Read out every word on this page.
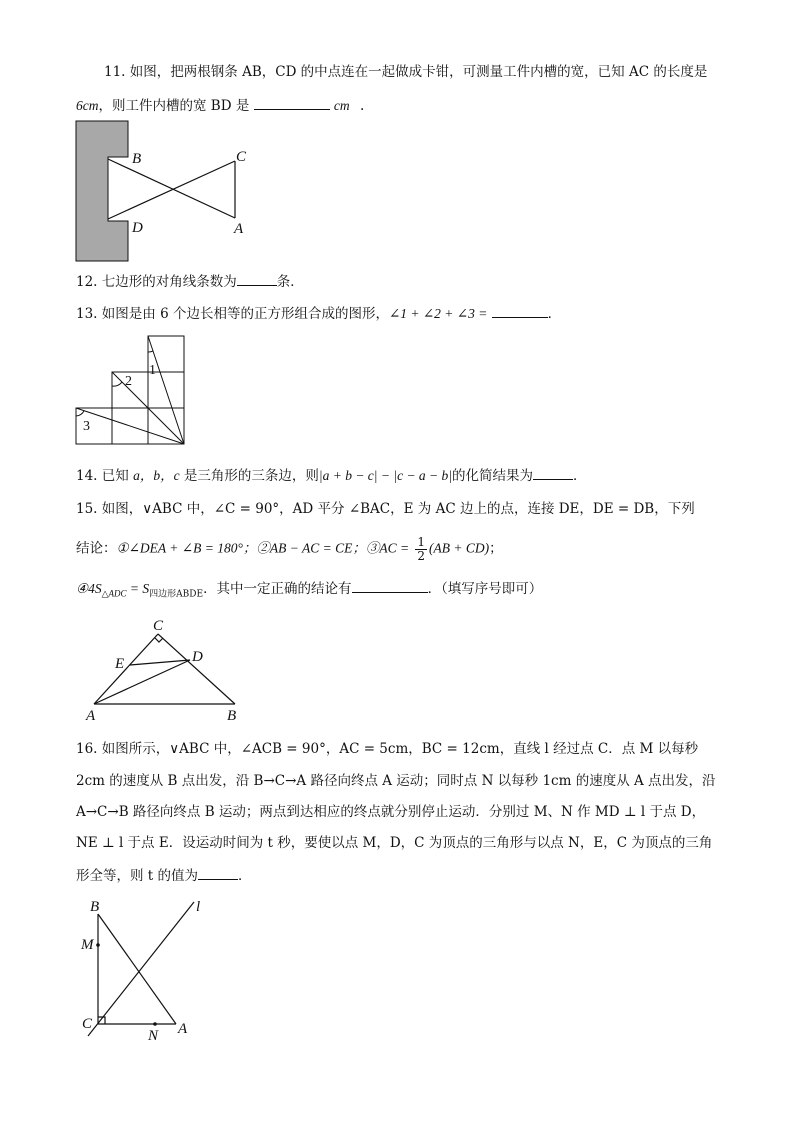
11. 如图，把两根钢条 AB，CD 的中点连在一起做成卡钳，可测量工件内槽的宽，已知 AC 的长度是
6cm，则工件内槽的宽 BD 是	cm .
B	C
D	A
12. 七边形的对角线条数为	条．
13. 如图是由 6 个边长相等的正方形组合成的图形，∠1 + ∠2 + ∠3 =	．
1
2
3
14. 已知 a，b，c 是三角形的三条边，则|a + b − c| − |c − a − b|的化简结果为	．
15. 如图，∨ABC 中，∠C = 90°，AD 平分 ∠BAC，E 为 AC 边上的点，连接 DE，DE = DB，下列
结论：①∠DEA + ∠B = 180°；②AB − AC = CE；③AC = $\frac{1}{2} (AB + CD)$；
$④4S_{\triangle ADC} = S_{四边形ABDE}$．其中一定正确的结论有	．（填写序号即可）
C
E	D
A	B
16. 如图所示，∨ABC 中，∠ACB = 90°，AC = 5cm，BC = 12cm，直线 l 经过点 C．点 M 以每秒
2cm 的速度从 B 点出发，沿 B→C→A 路径向终点 A 运动；同时点 N 以每秒 1cm 的速度从 A 点出发，沿
A→C→B 路径向终点 B 运动；两点到达相应的终点就分别停止运动．分别过 M、N 作 MD ⊥ l 于点 D，
NE ⊥ l 于点 E．设运动时间为 t 秒，要使以点 M，D，C 为顶点的三角形与以点 N，E，C 为顶点的三角
形全等，则 t 的值为	．
B	l
M
C
N A
